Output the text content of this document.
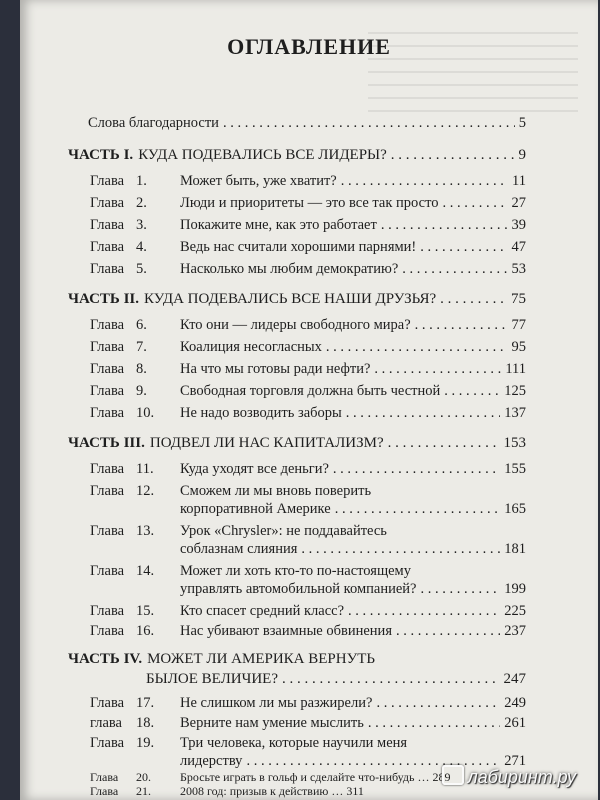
ОГЛАВЛЕНИЕ
Слова благодарности . . .	5
ЧАСТЬ I. КУДА ПОДЕВАЛИСЬ ВСЕ ЛИДЕРЫ? . . .	9
Глава 1.	Может быть, уже хватит? . . .	11
Глава 2.	Люди и приоритеты — это все так просто . . .	27
Глава 3.	Покажите мне, как это работает . . .	39
Глава 4.	Ведь нас считали хорошими парнями! . . .	47
Глава 5.	Насколько мы любим демократию? . . .	53
ЧАСТЬ II. КУДА ПОДЕВАЛИСЬ ВСЕ НАШИ ДРУЗЬЯ? . . .	75
Глава 6.	Кто они — лидеры свободного мира? . . .	77
Глава 7.	Коалиция несогласных . . .	95
Глава 8.	На что мы готовы ради нефти? . . .	111
Глава 9.	Свободная торговля должна быть честной . . .	125
Глава 10.	Не надо возводить заборы . . .	137
ЧАСТЬ III. ПОДВЕЛ ЛИ НАС КАПИТАЛИЗМ? . . .	153
Глава 11.	Куда уходят все деньги? . . .	155
Глава 12. Сможем ли мы вновь поверить
корпоративной Америке . . .	165
Глава 13. Урок «Chrysler»: не поддавайтесь
соблазнам слияния . . .	181
Глава 14. Может ли хоть кто-то по-настоящему
управлять автомобильной компанией? . . .	199
Глава 15.	Кто спасет средний класс? . . .	225
Глава 16.	Нас убивают взаимные обвинения . . .	237
ЧАСТЬ IV. МОЖЕТ ЛИ АМЕРИКА ВЕРНУТЬ
БЫЛОЕ ВЕЛИЧИЕ? . . .	247
Глава 17.	Не слишком ли мы разжирели? . . .	249
глава 18.	Верните нам умение мыслить . . .	261
Глава 19. Три человека, которые научили меня
лидерству . . .	271
Глава 20. Бросьте играть в гольф и сделайте что-нибудь … 289
Глава 21. 2008 год: призыв к действию … 311
лабиринт.ру
